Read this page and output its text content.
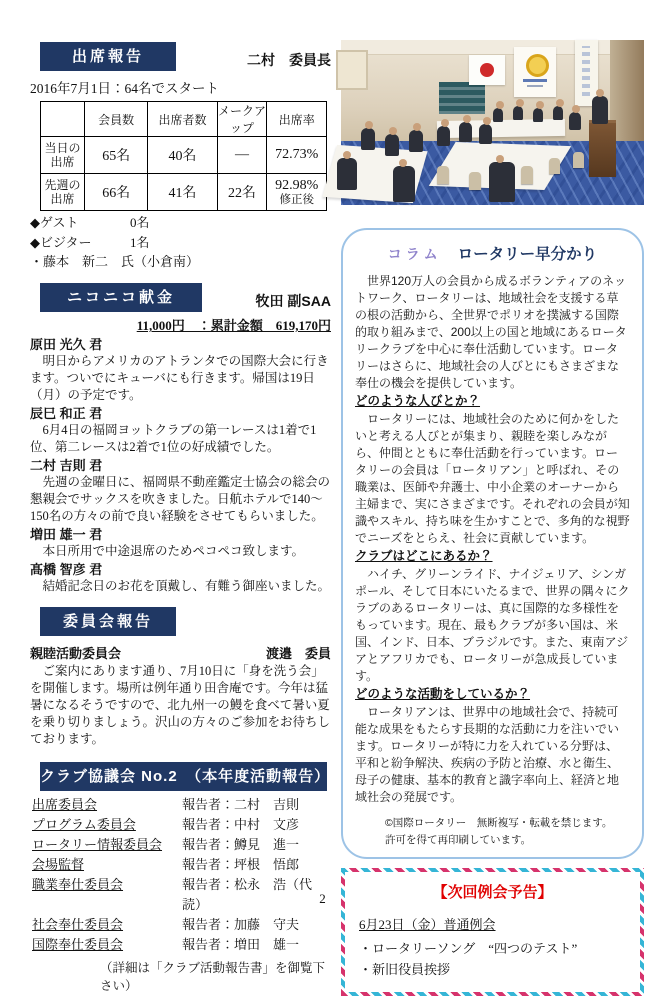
出席報告	二村　委員長
2016年7月1日：64名でスタート
	会員数	出席者数	メークアップ	出席率
当日の出席	65名	40名	―	72.73%
先週の出席	66名	41名	22名	92.98%
修正後
◆ゲスト	0名
◆ビジター	1名
・藤本　新二　氏（小倉南）
ニコニコ献金	牧田 副SAA
11,000円　：累計金額　619,170円
原田 光久 君
明日からアメリカのアトランタでの国際大会に行きます。ついでにキューバにも行きます。帰国は19日（月）の予定です。
辰巳 和正 君
6月4日の福岡ヨットクラブの第一レースは1着で1位、第二レースは2着で1位の好成績でした。
二村 吉則 君
先週の金曜日に、福岡県不動産鑑定士協会の総会の懇親会でサックスを吹きました。日航ホテルで140～150名の方々の前で良い経験をさせてもらいました。
増田 雄一 君
本日所用で中途退席のためペコペコ致します。
髙橋 智彦 君
結婚記念日のお花を頂戴し、有難う御座いました。
委員会報告
親睦活動委員会	渡邉　委員
ご案内にあります通り、7月10日に「身を洗う会」を開催します。場所は例年通り田舎庵です。今年は猛暑になるそうですので、北九州一の鰻を食べて暑い夏を乗り切りましょう。沢山の方々のご参加をお待ちしております。
クラブ協議会 No.2　（本年度活動報告）
出席委員会	報告者：二村　吉則
プログラム委員会	報告者：中村　文彦
ロータリー情報委員会	報告者：鱒見　進一
会場監督	報告者：坪根　悟郎
職業奉仕委員会	報告者：松永　浩（代読）
社会奉仕委員会	報告者：加藤　守夫
国際奉仕委員会	報告者：増田　雄一
（詳細は「クラブ活動報告書」を御覧下さい）
コラム ロータリー早分かり
世界120万人の会員から成るボランティアのネットワーク、ロータリーは、地域社会を支援する草の根の活動から、全世界でポリオを撲滅する国際的取り組みまで、200以上の国と地域にあるロータリークラブを中心に奉仕活動しています。ロータリーはさらに、地域社会の人びとにもさまざまな奉仕の機会を提供しています。
どのような人びとか？
ロータリーには、地域社会のために何かをしたいと考える人びとが集まり、親睦を楽しみながら、仲間とともに奉仕活動を行っています。ロータリーの会員は「ロータリアン」と呼ばれ、その職業は、医師や弁護士、中小企業のオーナーから主婦まで、実にさまざまです。それぞれの会員が知識やスキル、持ち味を生かすことで、多角的な視野でニーズをとらえ、社会に貢献しています。
クラブはどこにあるか？
ハイチ、グリーンライド、ナイジェリア、シンガポール、そして日本にいたるまで、世界の隅々にクラブのあるロータリーは、真に国際的な多様性をもっています。現在、最もクラブが多い国は、米国、インド、日本、ブラジルです。また、東南アジアとアフリカでも、ロータリーが急成長しています。
どのような活動をしているか？
ロータリアンは、世界中の地域社会で、持続可能な成果をもたらす長期的な活動に力を注いでいます。ロータリーが特に力を入れている分野は、平和と紛争解決、疾病の予防と治療、水と衛生、母子の健康、基本的教育と識字率向上、経済と地域社会の発展です。
©国際ロータリー　無断複写・転載を禁じます。
許可を得て再印刷しています。
【次回例会予告】
6月23日（金）普通例会
・ロータリーソング　“四つのテスト”
・新旧役員挨拶
2
